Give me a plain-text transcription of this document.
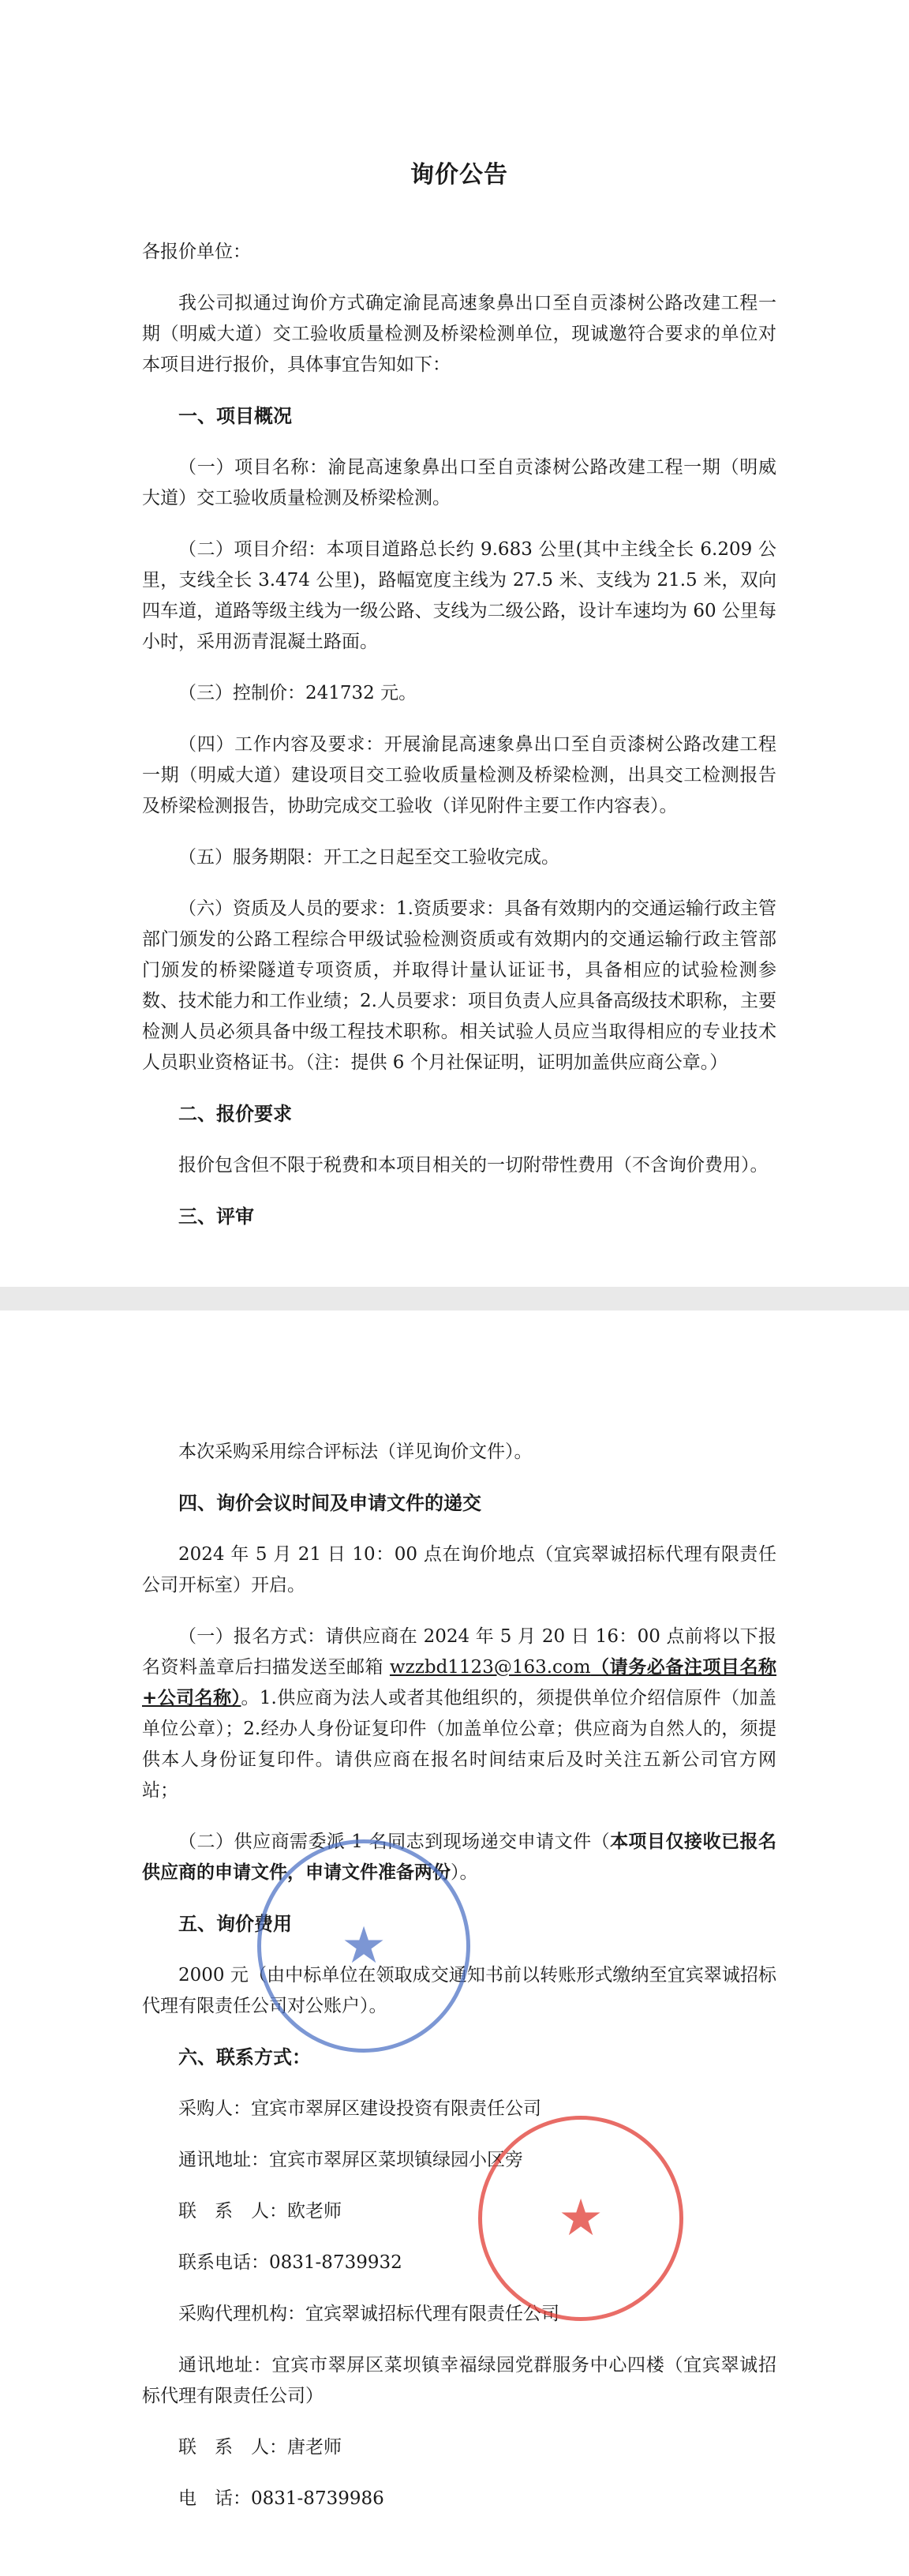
询价公告

各报价单位：

我公司拟通过询价方式确定渝昆高速象鼻出口至自贡漆树公路改建工程一期（明威大道）交工验收质量检测及桥梁检测单位，现诚邀符合要求的单位对本项目进行报价，具体事宜告知如下：

一、项目概况

（一）项目名称：渝昆高速象鼻出口至自贡漆树公路改建工程一期（明威大道）交工验收质量检测及桥梁检测。

（二）项目介绍：本项目道路总长约 9.683 公里(其中主线全长 6.209 公里，支线全长 3.474 公里)，路幅宽度主线为 27.5 米、支线为 21.5 米，双向四车道，道路等级主线为一级公路、支线为二级公路，设计车速均为 60 公里每小时，采用沥青混凝土路面。

（三）控制价：241732 元。

（四）工作内容及要求：开展渝昆高速象鼻出口至自贡漆树公路改建工程一期（明威大道）建设项目交工验收质量检测及桥梁检测，出具交工检测报告及桥梁检测报告，协助完成交工验收（详见附件主要工作内容表）。

（五）服务期限：开工之日起至交工验收完成。

（六）资质及人员的要求：1.资质要求：具备有效期内的交通运输行政主管部门颁发的公路工程综合甲级试验检测资质或有效期内的交通运输行政主管部门颁发的桥梁隧道专项资质，并取得计量认证证书，具备相应的试验检测参数、技术能力和工作业绩；2.人员要求：项目负责人应具备高级技术职称，主要检测人员必须具备中级工程技术职称。相关试验人员应当取得相应的专业技术人员职业资格证书。（注：提供 6 个月社保证明，证明加盖供应商公章。）

二、报价要求

报价包含但不限于税费和本项目相关的一切附带性费用（不含询价费用）。

三、评审

本次采购采用综合评标法（详见询价文件）。

四、询价会议时间及申请文件的递交

2024 年 5 月 21 日 10：00 点在询价地点（宜宾翠诚招标代理有限责任公司开标室）开启。

（一）报名方式：请供应商在 2024 年 5 月 20 日 16：00 点前将以下报名资料盖章后扫描发送至邮箱 wzzbd1123@163.com（请务必备注项目名称+公司名称）。1.供应商为法人或者其他组织的，须提供单位介绍信原件（加盖单位公章）；2.经办人身份证复印件（加盖单位公章；供应商为自然人的，须提供本人身份证复印件。请供应商在报名时间结束后及时关注五新公司官方网站；

（二）供应商需委派 1 名同志到现场递交申请文件（本项目仅接收已报名供应商的申请文件，申请文件准备两份）。

五、询价费用

2000 元（由中标单位在领取成交通知书前以转账形式缴纳至宜宾翠诚招标代理有限责任公司对公账户）。

六、联系方式：

采购人：宜宾市翠屏区建设投资有限责任公司

通讯地址：宜宾市翠屏区菜坝镇绿园小区旁

联　系　人：欧老师

联系电话：0831-8739932

采购代理机构：宜宾翠诚招标代理有限责任公司

通讯地址：宜宾市翠屏区菜坝镇幸福绿园党群服务中心四楼（宜宾翠诚招标代理有限责任公司）

联　系　人：唐老师

电　话：0831-8739986

★
★
